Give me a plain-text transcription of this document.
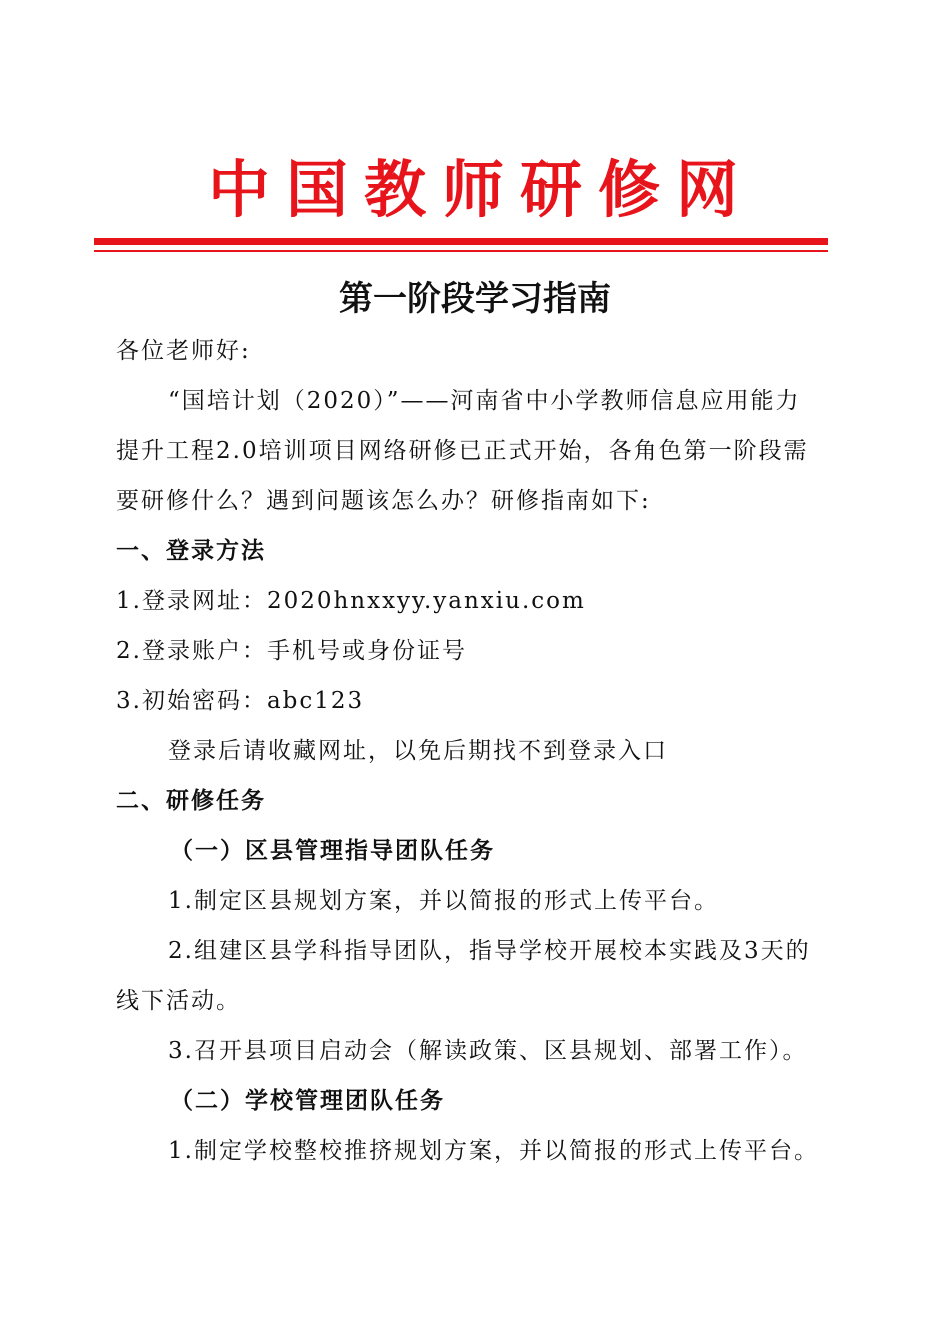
中国教师研修网
第一阶段学习指南
各位老师好:
“国培计划（2020）”——河南省中小学教师信息应用能力
提升工程2.0培训项目网络研修已正式开始，各角色第一阶段需
要研修什么？遇到问题该怎么办？研修指南如下:
一、登录方法
1.登录网址：2020hnxxyy.yanxiu.com
2.登录账户：手机号或身份证号
3.初始密码：abc123
登录后请收藏网址，以免后期找不到登录入口
二、研修任务
（一）区县管理指导团队任务
1.制定区县规划方案，并以简报的形式上传平台。
2.组建区县学科指导团队，指导学校开展校本实践及3天的
线下活动。
3.召开县项目启动会（解读政策、区县规划、部署工作）。
（二）学校管理团队任务
1.制定学校整校推挤规划方案，并以简报的形式上传平台。
